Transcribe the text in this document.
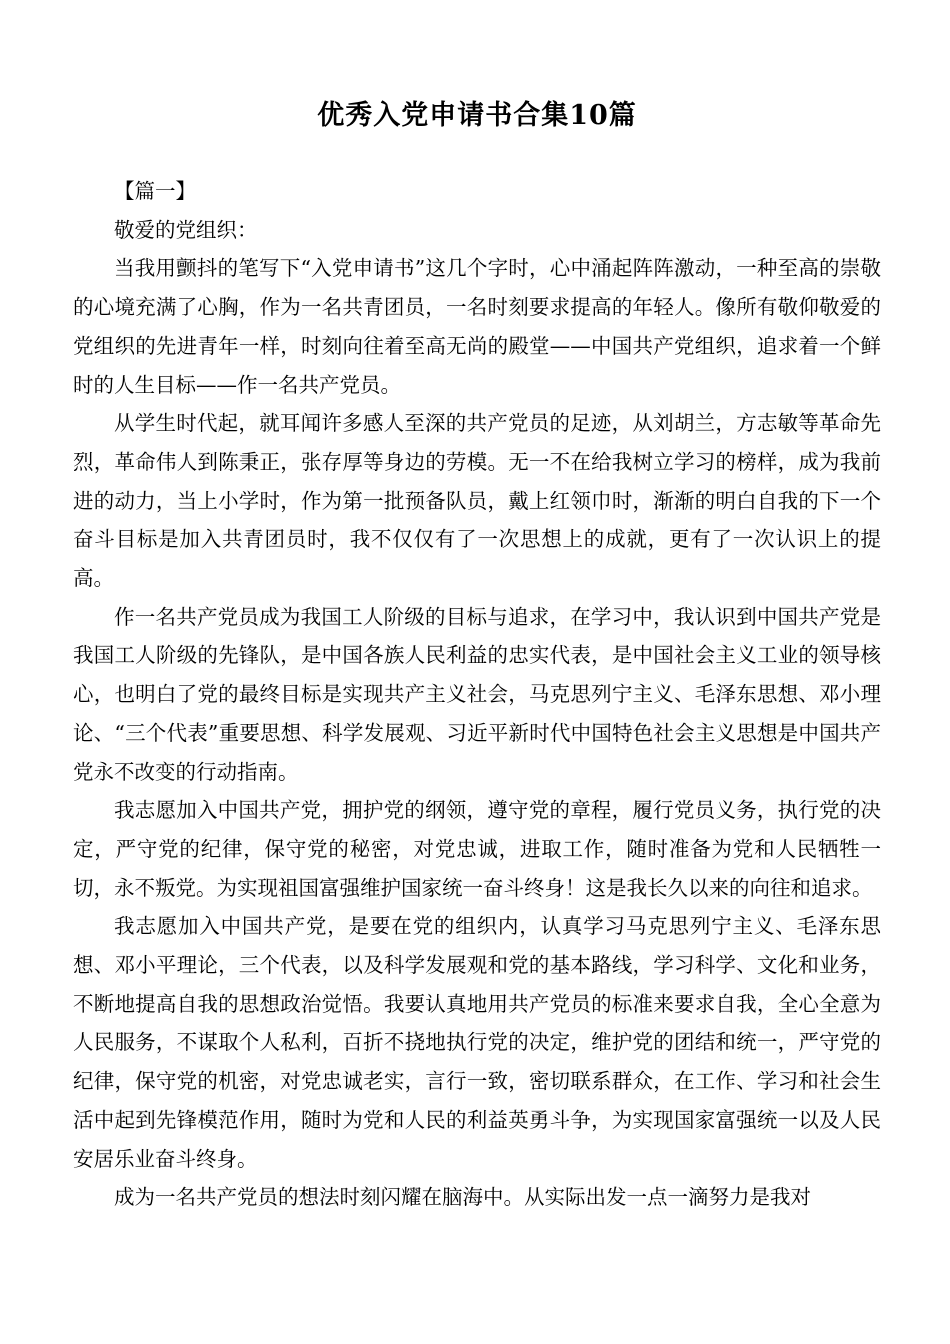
优秀入党申请书合集10篇

【篇一】

敬爱的党组织：

当我用颤抖的笔写下“入党申请书”这几个字时，心中涌起阵阵激动，一种至高的崇敬的心境充满了心胸，作为一名共青团员，一名时刻要求提高的年轻人。像所有敬仰敬爱的党组织的先进青年一样，时刻向往着至高无尚的殿堂——中国共产党组织，追求着一个鲜时的人生目标——作一名共产党员。

从学生时代起，就耳闻许多感人至深的共产党员的足迹，从刘胡兰，方志敏等革命先烈，革命伟人到陈秉正，张存厚等身边的劳模。无一不在给我树立学习的榜样，成为我前进的动力，当上小学时，作为第一批预备队员，戴上红领巾时，渐渐的明白自我的下一个奋斗目标是加入共青团员时，我不仅仅有了一次思想上的成就，更有了一次认识上的提高。

作一名共产党员成为我国工人阶级的目标与追求，在学习中，我认识到中国共产党是我国工人阶级的先锋队，是中国各族人民利益的忠实代表，是中国社会主义工业的领导核心，也明白了党的最终目标是实现共产主义社会，马克思列宁主义、毛泽东思想、邓小理论、“三个代表”重要思想、科学发展观、习近平新时代中国特色社会主义思想是中国共产党永不改变的行动指南。

我志愿加入中国共产党，拥护党的纲领，遵守党的章程，履行党员义务，执行党的决定，严守党的纪律，保守党的秘密，对党忠诚，进取工作，随时准备为党和人民牺牲一切，永不叛党。为实现祖国富强维护国家统一奋斗终身！这是我长久以来的向往和追求。

我志愿加入中国共产党，是要在党的组织内，认真学习马克思列宁主义、毛泽东思想、邓小平理论，三个代表，以及科学发展观和党的基本路线，学习科学、文化和业务，不断地提高自我的思想政治觉悟。我要认真地用共产党员的标准来要求自我，全心全意为人民服务，不谋取个人私利，百折不挠地执行党的决定，维护党的团结和统一，严守党的纪律，保守党的机密，对党忠诚老实，言行一致，密切联系群众，在工作、学习和社会生活中起到先锋模范作用，随时为党和人民的利益英勇斗争，为实现国家富强统一以及人民安居乐业奋斗终身。

成为一名共产党员的想法时刻闪耀在脑海中。从实际出发一点一滴努力是我对
